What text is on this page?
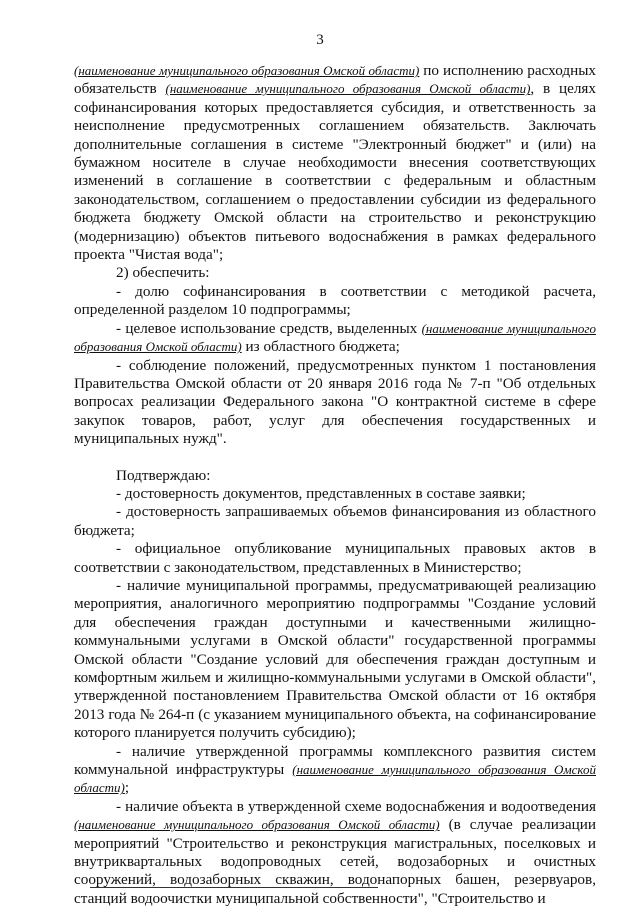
3

(наименование муниципального образования Омской области) по исполнению расходных обязательств (наименование муниципального образования Омской области), в целях софинансирования которых предоставляется субсидия, и ответственность за неисполнение предусмотренных соглашением обязательств. Заключать дополнительные соглашения в системе "Электронный бюджет" и (или) на бумажном носителе в случае необходимости внесения соответствующих изменений в соглашение в соответствии с федеральным и областным законодательством, соглашением о предоставлении субсидии из федерального бюджета бюджету Омской области на строительство и реконструкцию (модернизацию) объектов питьевого водоснабжения в рамках федерального проекта "Чистая вода";

2) обеспечить:

- долю софинансирования в соответствии с методикой расчета, определенной разделом 10 подпрограммы;

- целевое использование средств, выделенных (наименование муниципального образования Омской области) из областного бюджета;

- соблюдение положений, предусмотренных пунктом 1 постановления Правительства Омской области от 20 января 2016 года № 7-п "Об отдельных вопросах реализации Федерального закона "О контрактной системе в сфере закупок товаров, работ, услуг для обеспечения государственных и муниципальных нужд".

Подтверждаю:

- достоверность документов, представленных в составе заявки;

- достоверность запрашиваемых объемов финансирования из областного бюджета;

- официальное опубликование муниципальных правовых актов в соответствии с законодательством, представленных в Министерство;

- наличие муниципальной программы, предусматривающей реализацию мероприятия, аналогичного мероприятию подпрограммы "Создание условий для обеспечения граждан доступными и качественными жилищно-коммунальными услугами в Омской области" государственной программы Омской области "Создание условий для обеспечения граждан доступным и комфортным жильем и жилищно-коммунальными услугами в Омской области", утвержденной постановлением Правительства Омской области от 16 октября 2013 года № 264-п (с указанием муниципального объекта, на софинансирование которого планируется получить субсидию);

- наличие утвержденной программы комплексного развития систем коммунальной инфраструктуры (наименование муниципального образования Омской области);

- наличие объекта в утвержденной схеме водоснабжения и водоотведения (наименование муниципального образования Омской области) (в случае реализации мероприятий "Строительство и реконструкция магистральных, поселковых и внутриквартальных водопроводных сетей, водозаборных и очистных сооружений, водозаборных скважин, водонапорных башен, резервуаров, станций водоочистки муниципальной собственности", "Строительство и
